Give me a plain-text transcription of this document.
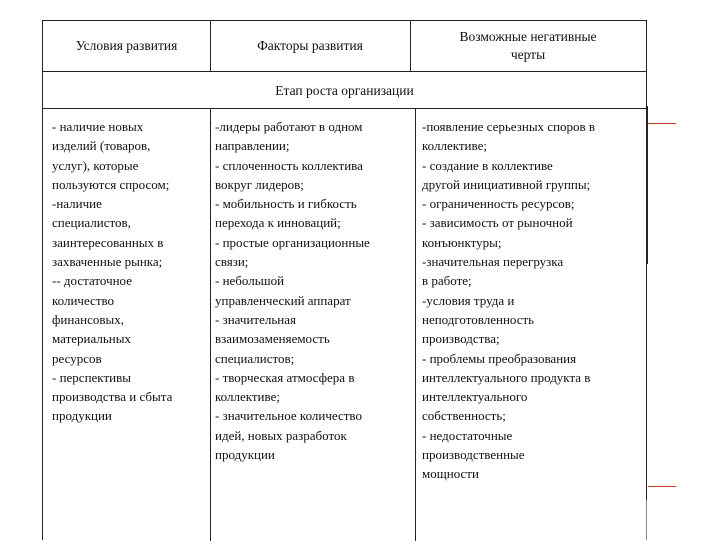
Условия развития	Факторы развития
Возможные негативные
черты
Етап роста организации
- наличие новых
изделий (товаров,
услуг), которые
пользуются спросом;
-наличие
специалистов,
заинтересованных в
захваченные рынка;
-- достаточное
количество
финансовых,
материальных
ресурсов
- перспективы
производства и сбыта
продукции
-лидеры работают в одном
направлении;
- сплоченность коллектива
вокруг лидеров;
- мобильность и гибкость
перехода к инноваций;
- простые организационные
связи;
- небольшой
управленческий аппарат
- значительная
взаимозаменяемость
специалистов;
- творческая атмосфера в
коллективе;
- значительное количество
идей, новых разработок
продукции
-появление серьезных споров в
коллективе;
- создание в коллективе
другой инициативной группы;
- ограниченность ресурсов;
- зависимость от рыночной
конъюнктуры;
-значительная перегрузка
в работе;
-условия труда и
неподготовленность
производства;
- проблемы преобразования
интеллектуального продукта в
интеллектуального
собственность;
- недостаточные
производственные
мощности
